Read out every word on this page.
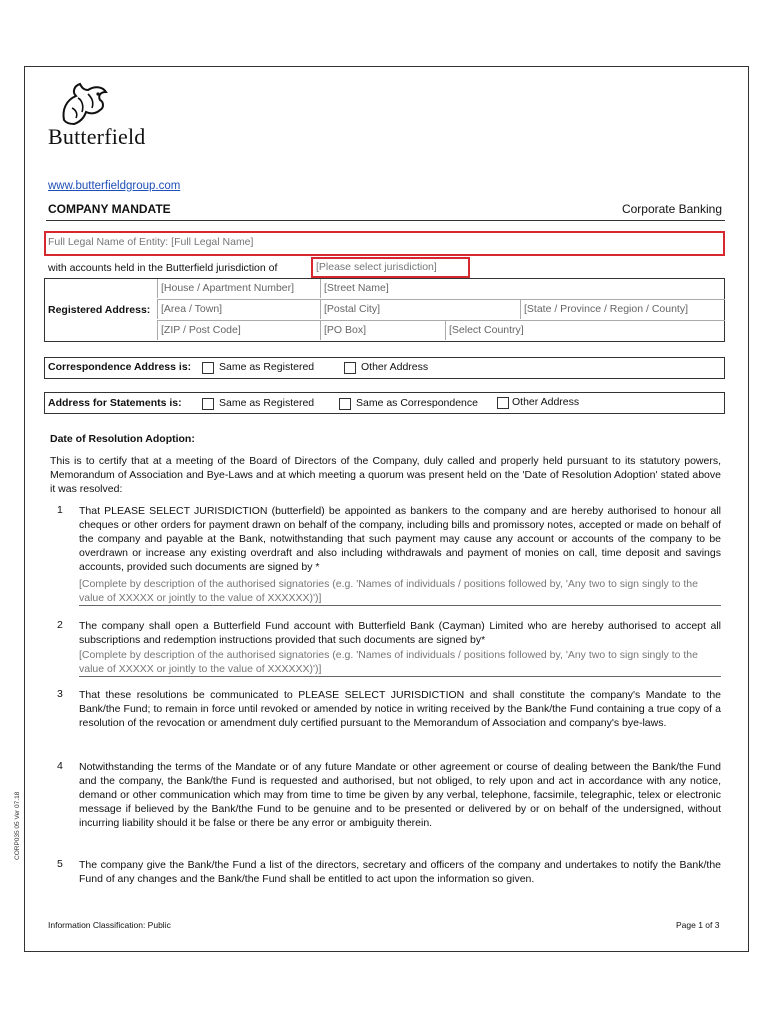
Butterfield
www.butterfieldgroup.com
COMPANY MANDATE	Corporate Banking
Full Legal Name of Entity: [Full Legal Name]
with accounts held in the Butterfield jurisdiction of	[Please select jurisdiction]
Registered Address:
[House / Apartment Number]	[Street Name]
[Area / Town]	[Postal City]	[State / Province / Region / County]
[ZIP / Post Code]	[PO Box]	[Select Country]
Correspondence Address is:	Same as Registered	Other Address
Address for Statements is:	Same as Registered	Same as Correspondence	Other Address
Date of Resolution Adoption:
This is to certify that at a meeting of the Board of Directors of the Company, duly called and properly held pursuant to its statutory powers, Memorandum of Association and Bye-Laws and at which meeting a quorum was present held on the 'Date of Resolution Adoption' stated above it was resolved:
1 That PLEASE SELECT JURISDICTION (butterfield) be appointed as bankers to the company and are hereby authorised to honour all cheques or other orders for payment drawn on behalf of the company, including bills and promissory notes, accepted or made on behalf of the company and payable at the Bank, notwithstanding that such payment may cause any account or accounts of the company to be overdrawn or increase any existing overdraft and also including withdrawals and payment of monies on call, time deposit and savings accounts, provided such documents are signed by *
[Complete by description of the authorised signatories (e.g. 'Names of individuals / positions followed by, 'Any two to sign singly to the value of XXXXX or jointly to the value of XXXXXX)')]
2 The company shall open a Butterfield Fund account with Butterfield Bank (Cayman) Limited who are hereby authorised to accept all subscriptions and redemption instructions provided that such documents are signed by*
[Complete by description of the authorised signatories (e.g. 'Names of individuals / positions followed by, 'Any two to sign singly to the value of XXXXX or jointly to the value of XXXXXX)')]
3 That these resolutions be communicated to PLEASE SELECT JURISDICTION and shall constitute the company's Mandate to the Bank/the Fund; to remain in force until revoked or amended by notice in writing received by the Bank/the Fund containing a true copy of a resolution of the revocation or amendment duly certified pursuant to the Memorandum of Association and company's bye-laws.
4 Notwithstanding the terms of the Mandate or of any future Mandate or other agreement or course of dealing between the Bank/the Fund and the company, the Bank/the Fund is requested and authorised, but not obliged, to rely upon and act in accordance with any notice, demand or other communication which may from time to time be given by any verbal, telephone, facsimile, telegraphic, telex or electronic message if believed by the Bank/the Fund to be genuine and to be presented or delivered by or on behalf of the undersigned, without incurring liability should it be false or there be any error or ambiguity therein.
5 The company give the Bank/the Fund a list of the directors, secretary and officers of the company and undertakes to notify the Bank/the Fund of any changes and the Bank/the Fund shall be entitled to act upon the information so given.
CORP035 05 Ver 07.18
Information Classification: Public	Page 1 of 3
